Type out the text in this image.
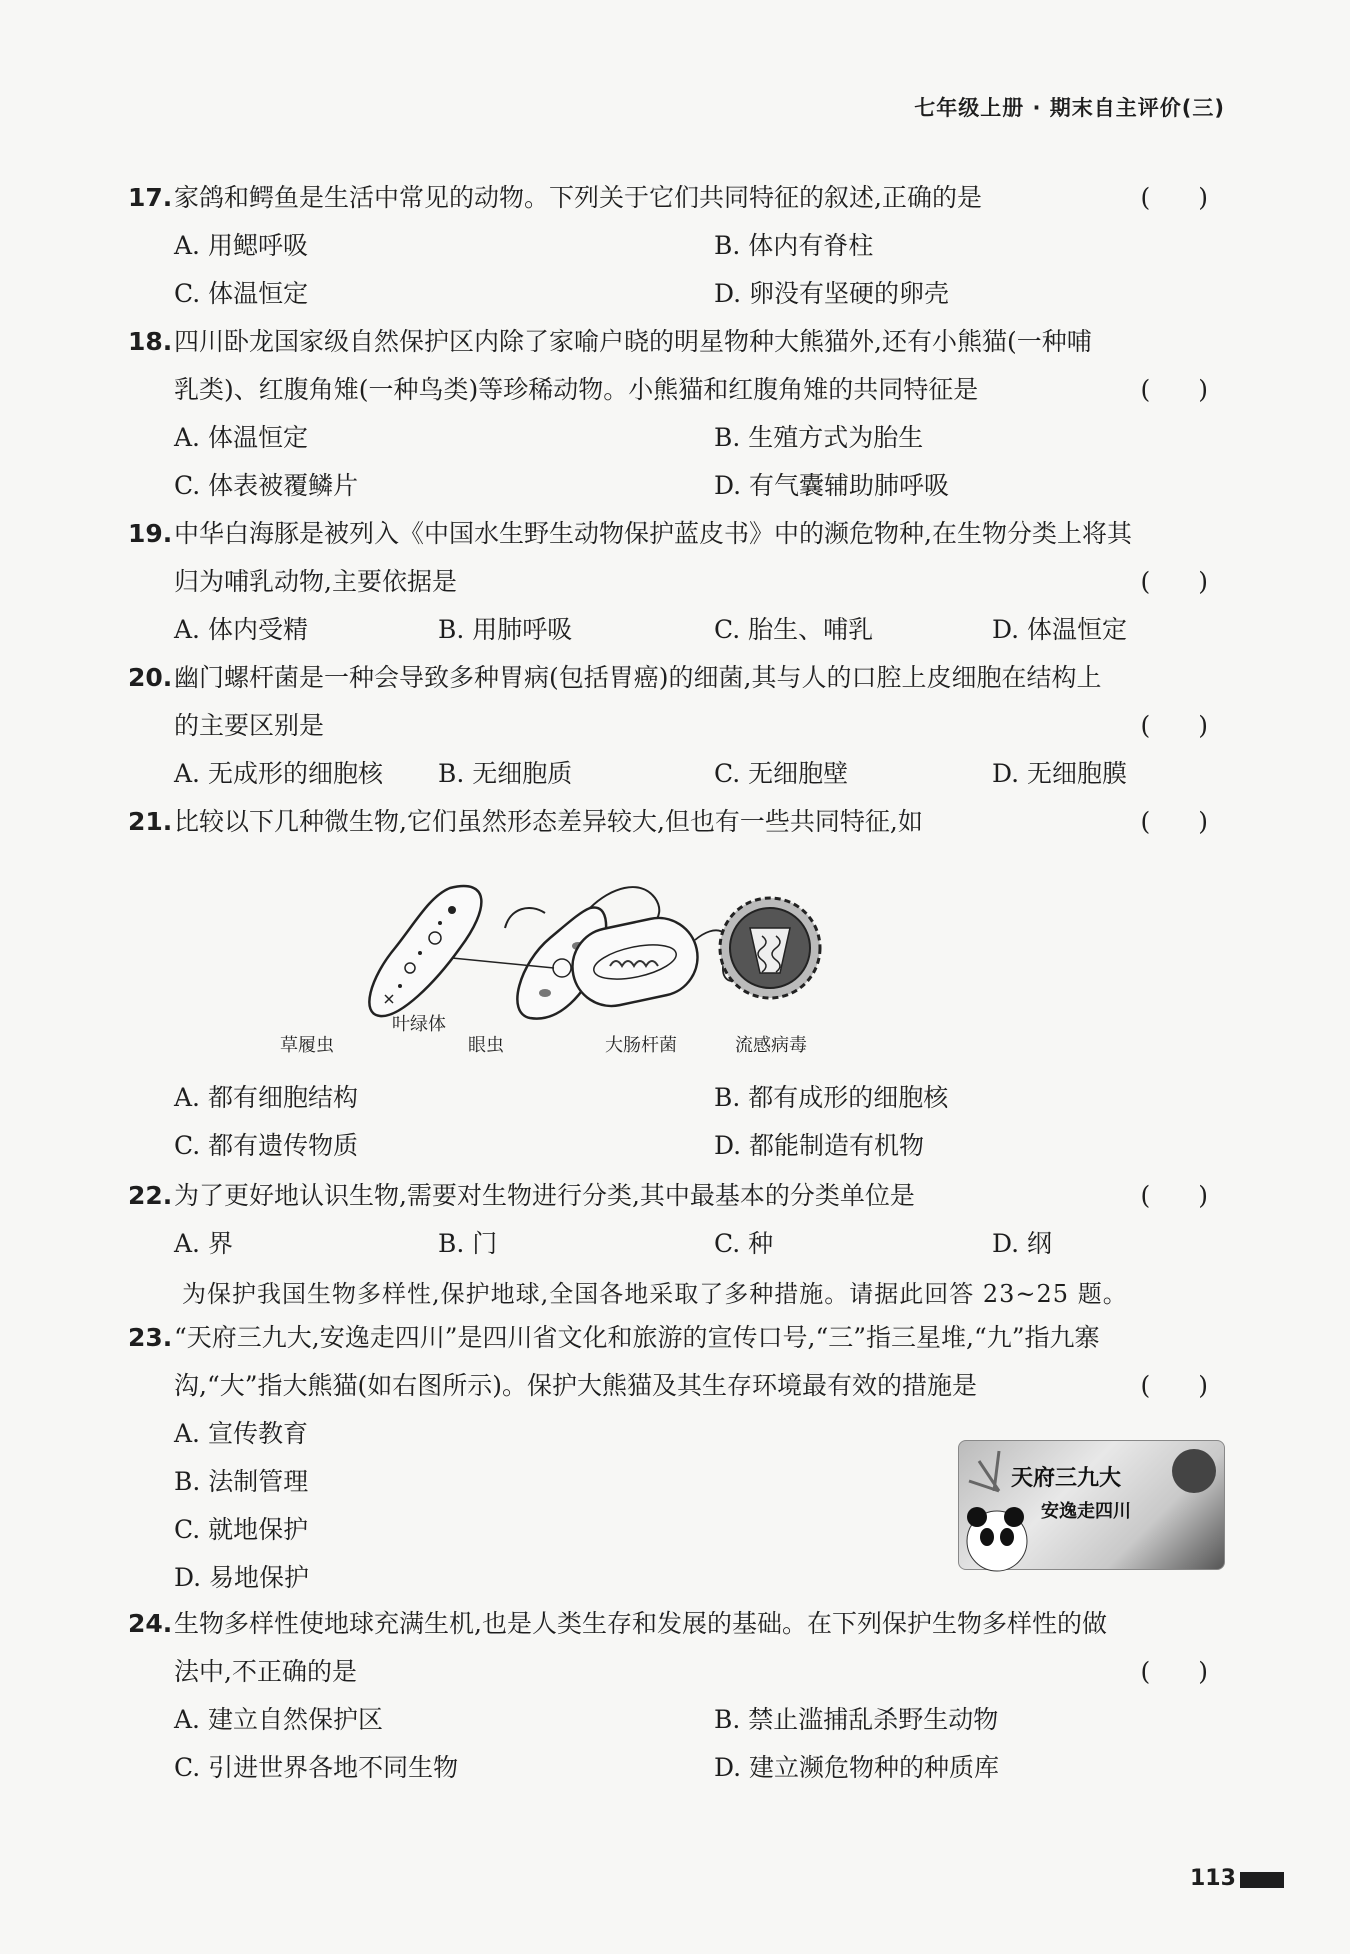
七年级上册 · 期末自主评价(三)
17.家鸽和鳄鱼是生活中常见的动物。下列关于它们共同特征的叙述,正确的是	( )
A. 用鳃呼吸	B. 体内有脊柱
C. 体温恒定	D. 卵没有坚硬的卵壳
18.四川卧龙国家级自然保护区内除了家喻户晓的明星物种大熊猫外,还有小熊猫(一种哺
乳类)、红腹角雉(一种鸟类)等珍稀动物。小熊猫和红腹角雉的共同特征是	( )
A. 体温恒定	B. 生殖方式为胎生
C. 体表被覆鳞片	D. 有气囊辅助肺呼吸
19.中华白海豚是被列入《中国水生野生动物保护蓝皮书》中的濒危物种,在生物分类上将其
归为哺乳动物,主要依据是	( )
A. 体内受精	B. 用肺呼吸	C. 胎生、哺乳	D. 体温恒定
20.幽门螺杆菌是一种会导致多种胃病(包括胃癌)的细菌,其与人的口腔上皮细胞在结构上
的主要区别是	( )
A. 无成形的细胞核 B. 无细胞质	C. 无细胞壁	D. 无细胞膜
21.比较以下几种微生物,它们虽然形态差异较大,但也有一些共同特征,如	( )
叶绿体
草履虫	眼虫	大肠杆菌	流感病毒
A. 都有细胞结构	B. 都有成形的细胞核
C. 都有遗传物质	D. 都能制造有机物
22.为了更好地认识生物,需要对生物进行分类,其中最基本的分类单位是	( )
A. 界	B. 门	C. 种	D. 纲
为保护我国生物多样性,保护地球,全国各地采取了多种措施。请据此回答 23~25 题。
23.“天府三九大,安逸走四川”是四川省文化和旅游的宣传口号,“三”指三星堆,“九”指九寨
沟,“大”指大熊猫(如右图所示)。保护大熊猫及其生存环境最有效的措施是	( )
A. 宣传教育
B. 法制管理
C. 就地保护
D. 易地保护
天府三九大
安逸走四川
24.生物多样性使地球充满生机,也是人类生存和发展的基础。在下列保护生物多样性的做
法中,不正确的是	( )
A. 建立自然保护区	B. 禁止滥捕乱杀野生动物
C. 引进世界各地不同生物	D. 建立濒危物种的种质库
113
